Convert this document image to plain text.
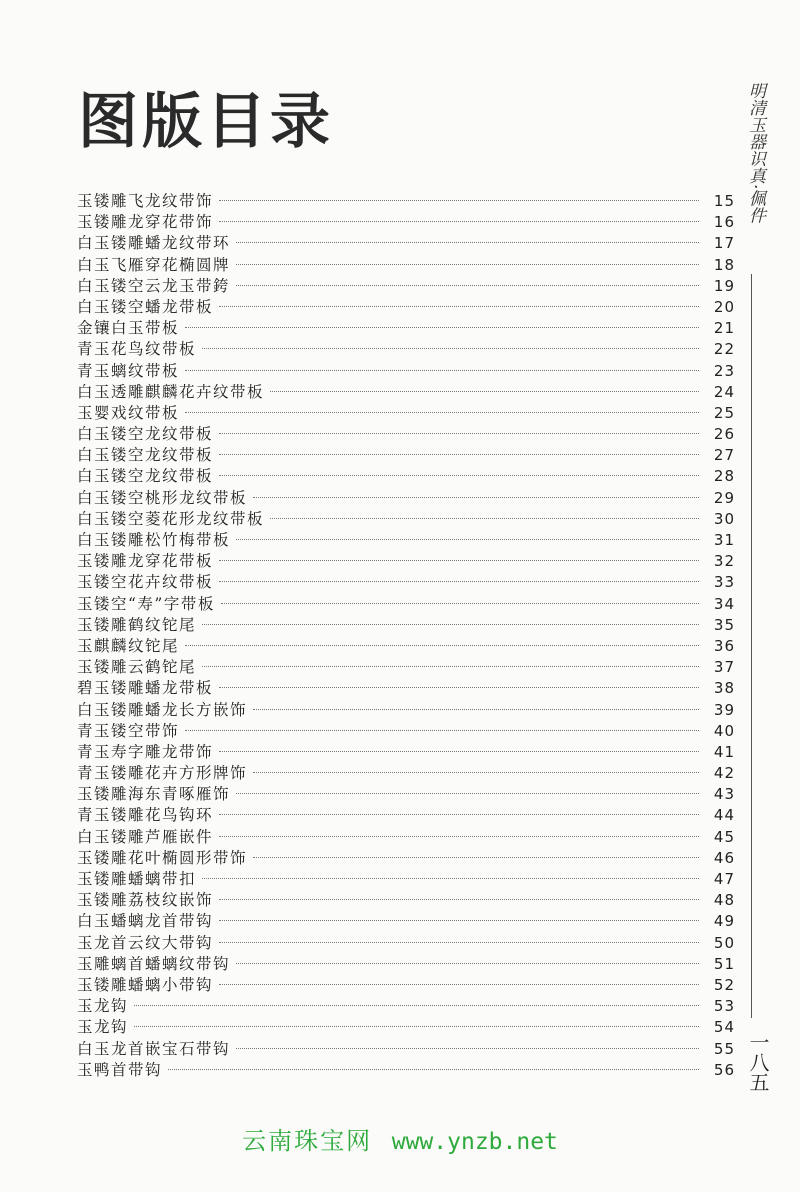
图版目录	明清玉器识真·佩件
玉镂雕飞龙纹带饰	15
玉镂雕龙穿花带饰	16
白玉镂雕蟠龙纹带环	17
白玉飞雁穿花椭圆牌	18
白玉镂空云龙玉带銙	19
白玉镂空蟠龙带板	20
金镶白玉带板	21
青玉花鸟纹带板	22
青玉螭纹带板	23
白玉透雕麒麟花卉纹带板	24
玉婴戏纹带板	25
白玉镂空龙纹带板	26
白玉镂空龙纹带板	27
白玉镂空龙纹带板	28
白玉镂空桃形龙纹带板	29
白玉镂空菱花形龙纹带板	30
白玉镂雕松竹梅带板	31
玉镂雕龙穿花带板	32
玉镂空花卉纹带板	33
玉镂空“寿”字带板	34
玉镂雕鹤纹铊尾	35
玉麒麟纹铊尾	36
玉镂雕云鹤铊尾	37
碧玉镂雕蟠龙带板	38
白玉镂雕蟠龙长方嵌饰	39
青玉镂空带饰	40
青玉寿字雕龙带饰	41
青玉镂雕花卉方形牌饰	42
玉镂雕海东青啄雁饰	43
青玉镂雕花鸟钩环	44
白玉镂雕芦雁嵌件	45
玉镂雕花叶椭圆形带饰	46
玉镂雕蟠螭带扣	47
玉镂雕荔枝纹嵌饰	48
白玉蟠螭龙首带钩	49
玉龙首云纹大带钩	50
玉雕螭首蟠螭纹带钩	51
玉镂雕蟠螭小带钩	52
玉龙钩	53
玉龙钩	54
白玉龙首嵌宝石带钩	55
玉鸭首带钩	56 一八五
云南珠宝网 www.ynzb.net
